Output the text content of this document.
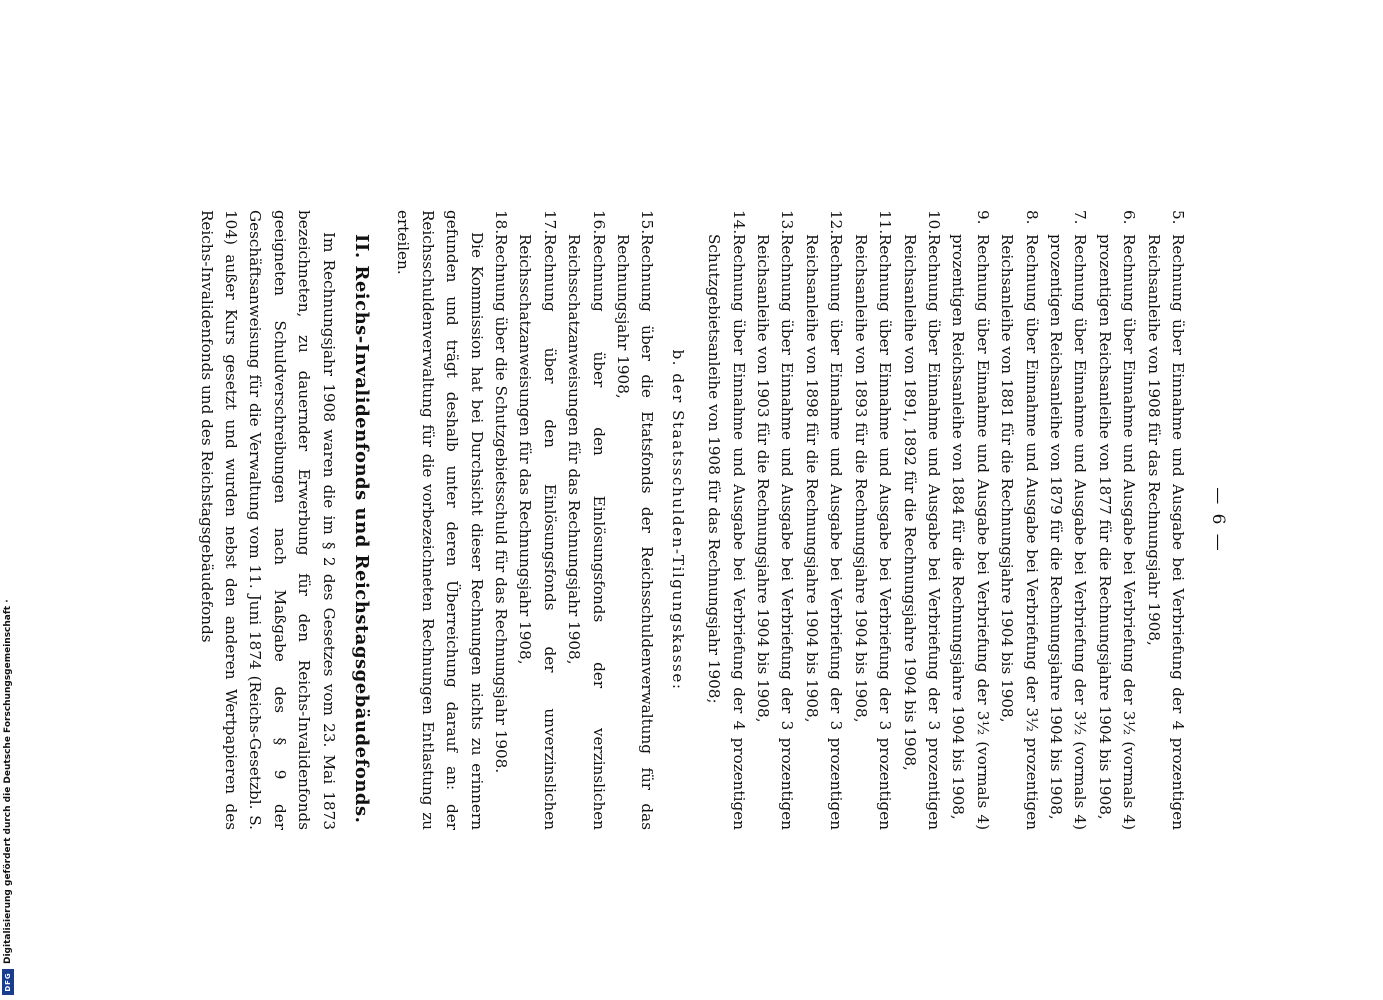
— 6 —
5.
Rechnung über Einnahme und Ausgabe bei Verbriefung der 4 prozentigen Reichsanleihe von 1908 für das Rechnungsjahr 1908,
6.
Rechnung über Einnahme und Ausgabe bei Verbriefung der 3½ (vormals 4) prozentigen Reichsanleihe von 1877 für die Rechnungsjahre 1904 bis 1908,
7.
Rechnung über Einnahme und Ausgabe bei Verbriefung der 3½ (vormals 4) prozentigen Reichsanleihe von 1879 für die Rechnungsjahre 1904 bis 1908,
8.
Rechnung über Einnahme und Ausgabe bei Verbriefung der 3½ prozentigen Reichsanleihe von 1881 für die Rechnungsjahre 1904 bis 1908,
9.
Rechnung über Einnahme und Ausgabe bei Verbriefung der 3½ (vormals 4) prozentigen Reichsanleihe von 1884 für die Rechnungsjahre 1904 bis 1908,
10.
Rechnung über Einnahme und Ausgabe bei Verbriefung der 3 prozentigen Reichsanleihe von 1891, 1892 für die Rechnungsjahre 1904 bis 1908,
11.
Rechnung über Einnahme und Ausgabe bei Verbriefung der 3 prozentigen Reichsanleihe von 1893 für die Rechnungsjahre 1904 bis 1908,
12.
Rechnung über Einnahme und Ausgabe bei Verbriefung der 3 prozentigen Reichsanleihe von 1898 für die Rechnungsjahre 1904 bis 1908,
13.
Rechnung über Einnahme und Ausgabe bei Verbriefung der 3 prozentigen Reichsanleihe von 1903 für die Rechnungsjahre 1904 bis 1908,
14.
Rechnung über Einnahme und Ausgabe bei Verbriefung der 4 prozentigen Schutzgebietsanleihe von 1908 für das Rechnungsjahr 1908;
b. der Staatsschulden-Tilgungskasse:
15.
Rechnung über die Etatsfonds der Reichsschuldenverwaltung für das Rechnungsjahr 1908,
16.
Rechnung über den Einlösungsfonds der verzinslichen Reichsschatzanweisungen für das Rechnungsjahr 1908,
17.
Rechnung über den Einlösungsfonds der unverzinslichen Reichsschatzanweisungen für das Rechnungsjahr 1908,
18.
Rechnung über die Schutzgebietsschuld für das Rechnungsjahr 1908.
Die Kommission hat bei Durchsicht dieser Rechnungen nichts zu erinnern gefunden und trägt deshalb unter deren Überreichung darauf an: der Reichsschuldenverwaltung für die vorbezeichneten Rechnungen Entlastung zu erteilen.
II. Reichs-Invalidenfonds und Reichstagsgebäudefonds.
Im Rechnungsjahr 1908 waren die im § 2 des Gesetzes vom 23. Mai 1873 bezeichneten, zu dauernder Erwerbung für den Reichs-Invalidenfonds geeigneten Schuldverschreibungen nach Maßgabe des § 9 der Geschäftsanweisung für die Verwaltung vom 11. Juni 1874 (Reichs-Gesetzbl. S. 104) außer Kurs gesetzt und wurden nebst den anderen Wertpapieren des Reichs-Invalidenfonds und des Reichstagsgebäudefonds
DFG
Digitalisierung gefördert durch die Deutsche Forschungsgemeinschaft ·
